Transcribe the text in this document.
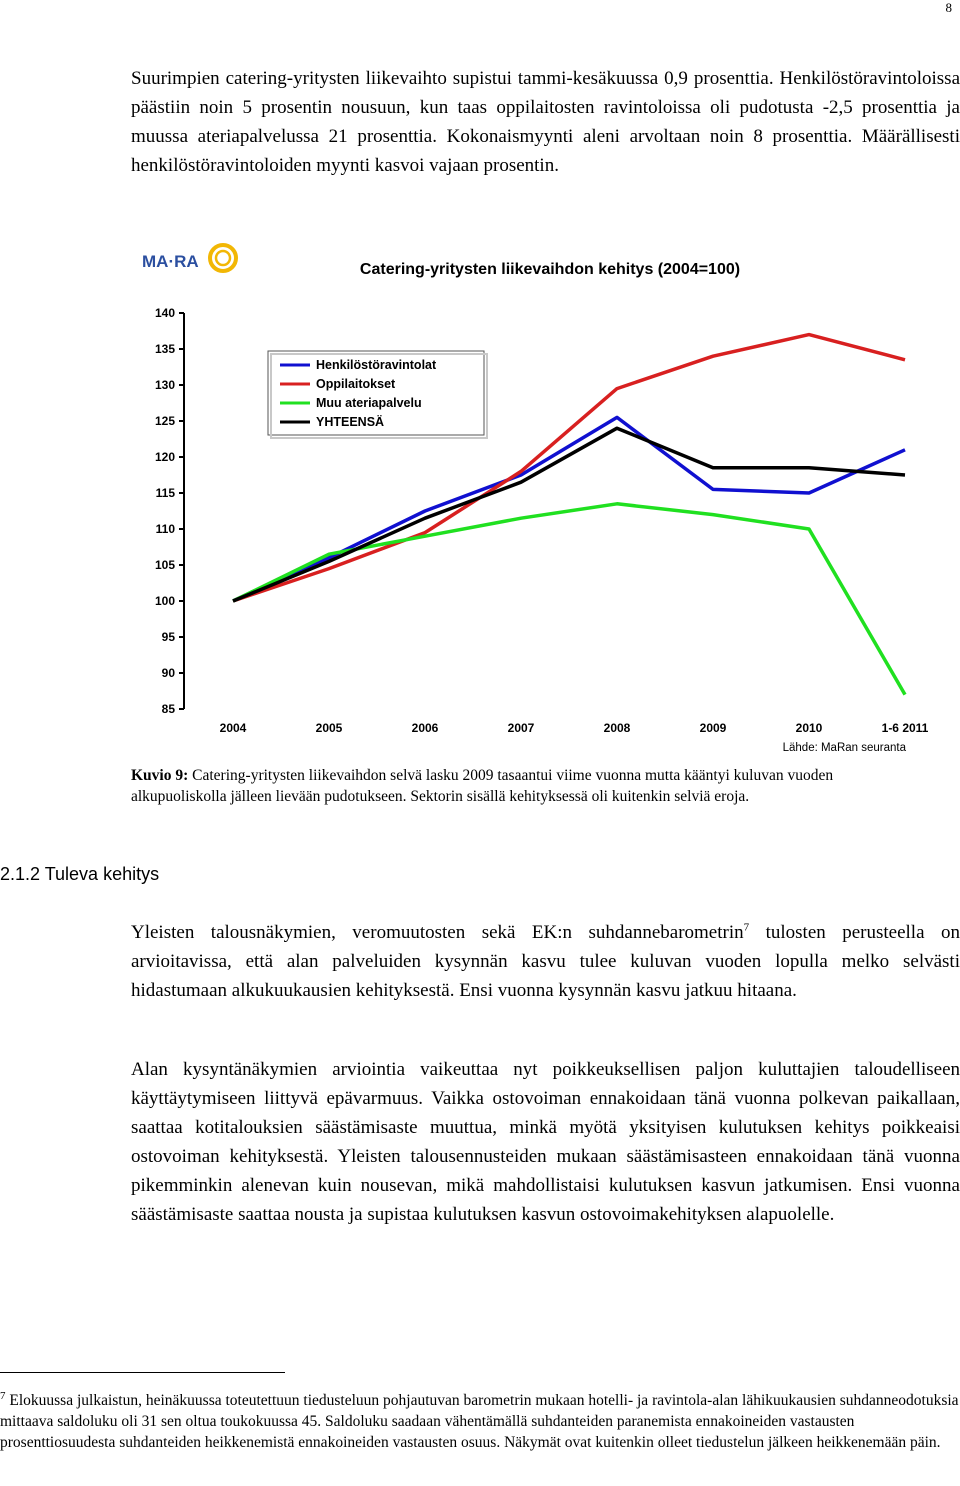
8

Suurimpien catering-yritysten liikevaihto supistui tammi-kesäkuussa 0,9 prosenttia. Henkilöstöravintoloissa päästiin noin 5 prosentin nousuun, kun taas oppilaitosten ravintoloissa oli pudotusta -2,5 prosenttia ja muussa ateriapalvelussa 21 prosenttia. Kokonaismyynti aleni arvoltaan noin 8 prosenttia. Määrällisesti henkilöstöravintoloiden myynti kasvoi vajaan prosentin.

MA·RA	Catering-yritysten liikevaihdon kehitys (2004=100)
85
90
95
100
105
110
115
120
125
130
135
140
2004	2005	2006	2007	2008	2009	2010	1-6 2011
Henkilöstöravintolat
Oppilaitokset
Muu ateriapalvelu
YHTEENSÄ
Lähde: MaRan seuranta
Kuvio 9: Catering-yritysten liikevaihdon selvä lasku 2009 tasaantui viime vuonna mutta kääntyi kuluvan vuoden alkupuoliskolla jälleen lievään pudotukseen. Sektorin sisällä kehityksessä oli kuitenkin selviä eroja.
2.1.2 Tuleva kehitys

Yleisten talousnäkymien, veromuutosten sekä EK:n suhdannebarometrin$^7$ tulosten perusteella on arvioitavissa, että alan palveluiden kysynnän kasvu tulee kuluvan vuoden lopulla melko selvästi hidastumaan alkukuukausien kehityksestä. Ensi vuonna kysynnän kasvu jatkuu hitaana.

Alan kysyntänäkymien arviointia vaikeuttaa nyt poikkeuksellisen paljon kuluttajien taloudelliseen käyttäytymiseen liittyvä epävarmuus. Vaikka ostovoiman ennakoidaan tänä vuonna polkevan paikallaan, saattaa kotitalouksien säästämisaste muuttua, minkä myötä yksityisen kulutuksen kehitys poikkeaisi ostovoiman kehityksestä. Yleisten talousennusteiden mukaan säästämisasteen ennakoidaan tänä vuonna pikemminkin alenevan kuin nousevan, mikä mahdollistaisi kulutuksen kasvun jatkumisen. Ensi vuonna säästämisaste saattaa nousta ja supistaa kulutuksen kasvun ostovoimakehityksen alapuolelle.

$^7$ Elokuussa julkaistun, heinäkuussa toteutettuun tiedusteluun pohjautuvan barometrin mukaan hotelli- ja ravintola-alan lähikuukausien suhdanneodotuksia mittaava saldoluku oli 31 sen oltua toukokuussa 45. Saldoluku saadaan vähentämällä suhdanteiden paranemista ennakoineiden vastausten prosenttiosuudesta suhdanteiden heikkenemistä ennakoineiden vastausten osuus. Näkymät ovat kuitenkin olleet tiedustelun jälkeen heikkenemään päin.
